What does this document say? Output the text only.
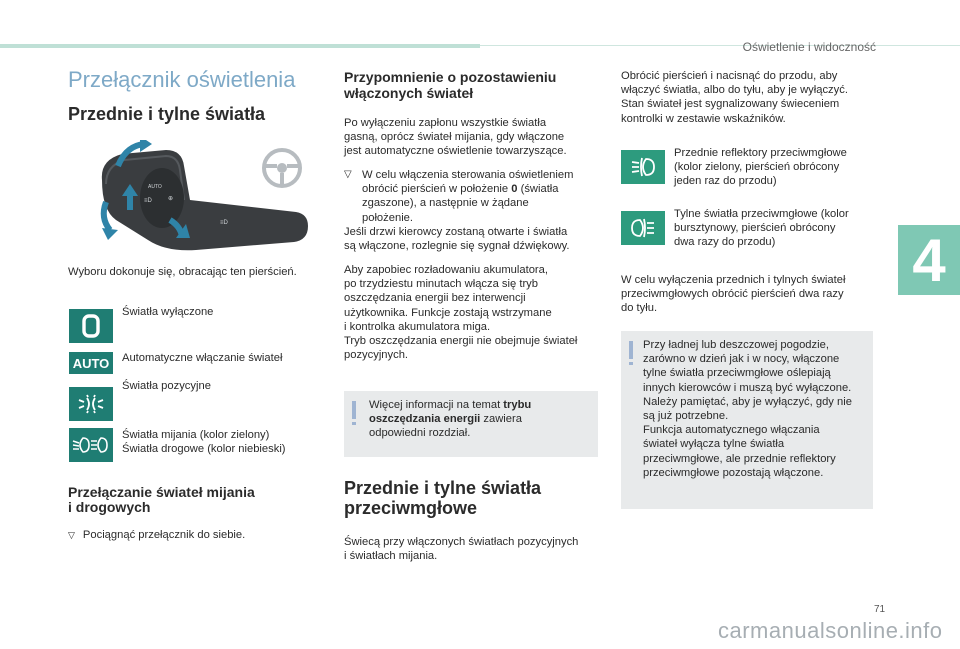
Oświetlenie i widoczność
4
71
carmanualsonline.info
Przełącznik oświetlenia
Przednie i tylne światła
AUTO
≡D	⊕
≡D
Wyboru dokonuje się, obracając ten pierścień.
Światła wyłączone
AUTO Automatyczne włączanie świateł
Światła pozycyjne
Światła mijania (kolor zielony)
Światła drogowe (kolor niebieski)
Przełączanie świateł mijania
i drogowych
▽ Pociągnąć przełącznik do siebie.
Przypomnienie o pozostawieniu
włączonych świateł
Po wyłączeniu zapłonu wszystkie światła
gasną, oprócz świateł mijania, gdy włączone
jest automatyczne oświetlenie towarzyszące.
▽ W celu włączenia sterowania oświetleniem
obrócić pierścień w położenie 0 (światła
zgaszone), a następnie w żądane
położenie.
Jeśli drzwi kierowcy zostaną otwarte i światła
są włączone, rozlegnie się sygnał dźwiękowy.
Aby zapobiec rozładowaniu akumulatora,
po trzydziestu minutach włącza się tryb
oszczędzania energii bez interwencji
użytkownika. Funkcje zostają wstrzymane
i kontrolka akumulatora miga.
Tryb oszczędzania energii nie obejmuje świateł
pozycyjnych.
Więcej informacji na temat trybu
oszczędzania energii zawiera
odpowiedni rozdział.
Przednie i tylne światła
przeciwmgłowe
Świecą przy włączonych światłach pozycyjnych
i światłach mijania.
Obrócić pierścień i nacisnąć do przodu, aby
włączyć światła, albo do tyłu, aby je wyłączyć.
Stan świateł jest sygnalizowany świeceniem
kontrolki w zestawie wskaźników.
Przednie reflektory przeciwmgłowe
(kolor zielony, pierścień obrócony
jeden raz do przodu)
Tylne światła przeciwmgłowe (kolor
bursztynowy, pierścień obrócony
dwa razy do przodu)
W celu wyłączenia przednich i tylnych świateł
przeciwmgłowych obrócić pierścień dwa razy
do tyłu.
Przy ładnej lub deszczowej pogodzie,
zarówno w dzień jak i w nocy, włączone
tylne światła przeciwmgłowe oślepiają
innych kierowców i muszą być wyłączone.
Należy pamiętać, aby je wyłączyć, gdy nie
są już potrzebne.
Funkcja automatycznego włączania
świateł wyłącza tylne światła
przeciwmgłowe, ale przednie reflektory
przeciwmgłowe pozostają włączone.
